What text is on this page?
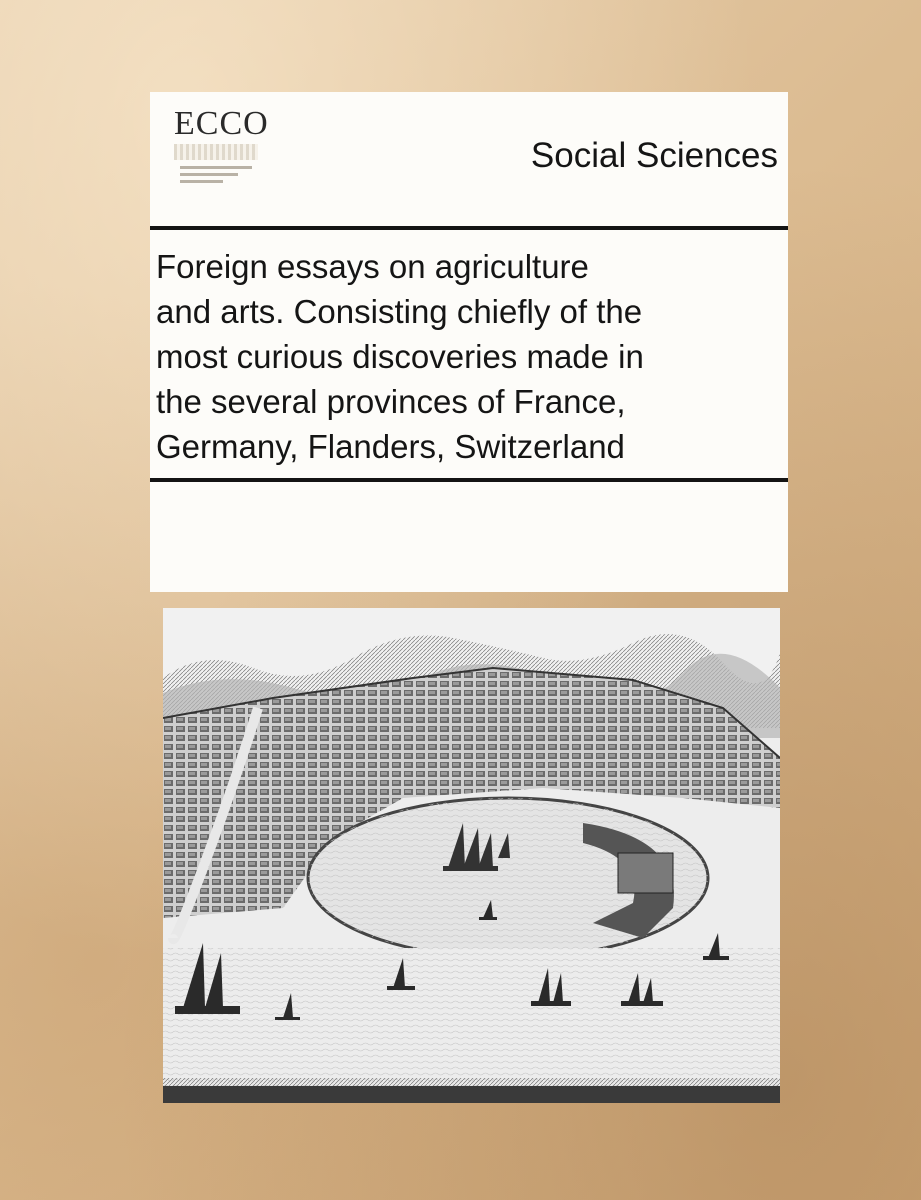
ECCO
Social Sciences
Foreign essays on agriculture
and arts. Consisting chiefly of the
most curious discoveries made in
the several provinces of France,
Germany, Flanders, Switzerland
